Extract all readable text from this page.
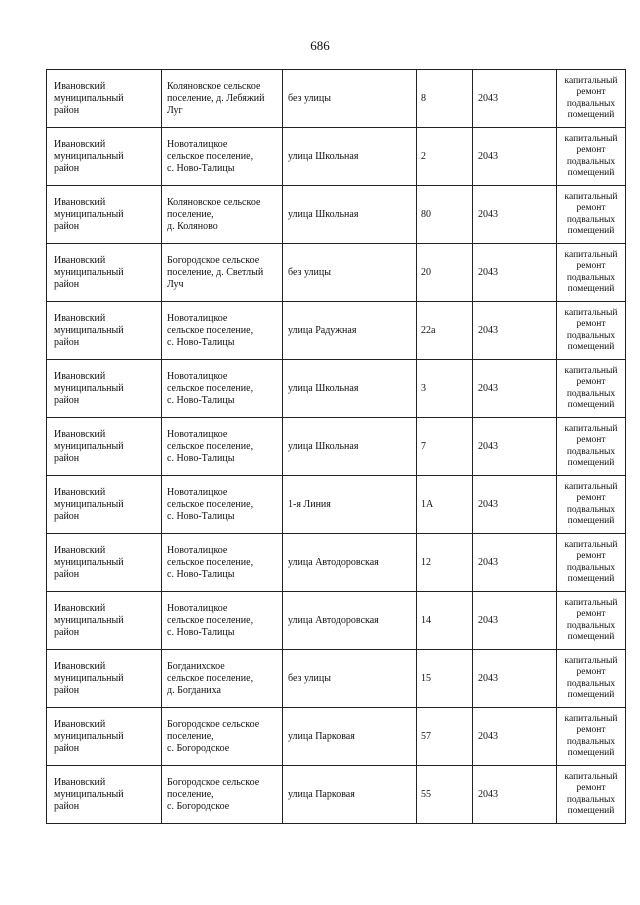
686
Ивановский
муниципальный
район	Коляновское сельское
поселение, д. Лебяжий
Луг	без улицы	8	2043	капитальный
ремонт
подвальных
помещений

Ивановский
муниципальный
район	Новоталицкое
сельское поселение,
с. Ново-Талицы	улица Школьная	2	2043	капитальный
ремонт
подвальных
помещений

Ивановский
муниципальный
район	Коляновское сельское
поселение,
д. Коляново	улица Школьная	80	2043	капитальный
ремонт
подвальных
помещений

Ивановский
муниципальный
район	Богородское сельское
поселение, д. Светлый
Луч	без улицы	20	2043	капитальный
ремонт
подвальных
помещений

Ивановский
муниципальный
район	Новоталицкое
сельское поселение,
с. Ново-Талицы	улица Радужная	22а	2043	капитальный
ремонт
подвальных
помещений

Ивановский
муниципальный
район	Новоталицкое
сельское поселение,
с. Ново-Талицы	улица Школьная	3	2043	капитальный
ремонт
подвальных
помещений

Ивановский
муниципальный
район	Новоталицкое
сельское поселение,
с. Ново-Талицы	улица Школьная	7	2043	капитальный
ремонт
подвальных
помещений

Ивановский
муниципальный
район	Новоталицкое
сельское поселение,
с. Ново-Талицы	1-я Линия	1А	2043	капитальный
ремонт
подвальных
помещений

Ивановский
муниципальный
район	Новоталицкое
сельское поселение,
с. Ново-Талицы	улица Автодоровская	12	2043	капитальный
ремонт
подвальных
помещений

Ивановский
муниципальный
район	Новоталицкое
сельское поселение,
с. Ново-Талицы	улица Автодоровская	14	2043	капитальный
ремонт
подвальных
помещений

Ивановский
муниципальный
район	Богданихское
сельское поселение,
д. Богданиха	без улицы	15	2043	капитальный
ремонт
подвальных
помещений

Ивановский
муниципальный
район	Богородское сельское
поселение,
с. Богородское	улица Парковая	57	2043	капитальный
ремонт
подвальных
помещений

Ивановский
муниципальный
район	Богородское сельское
поселение,
с. Богородское	улица Парковая	55	2043	капитальный
ремонт
подвальных
помещений
